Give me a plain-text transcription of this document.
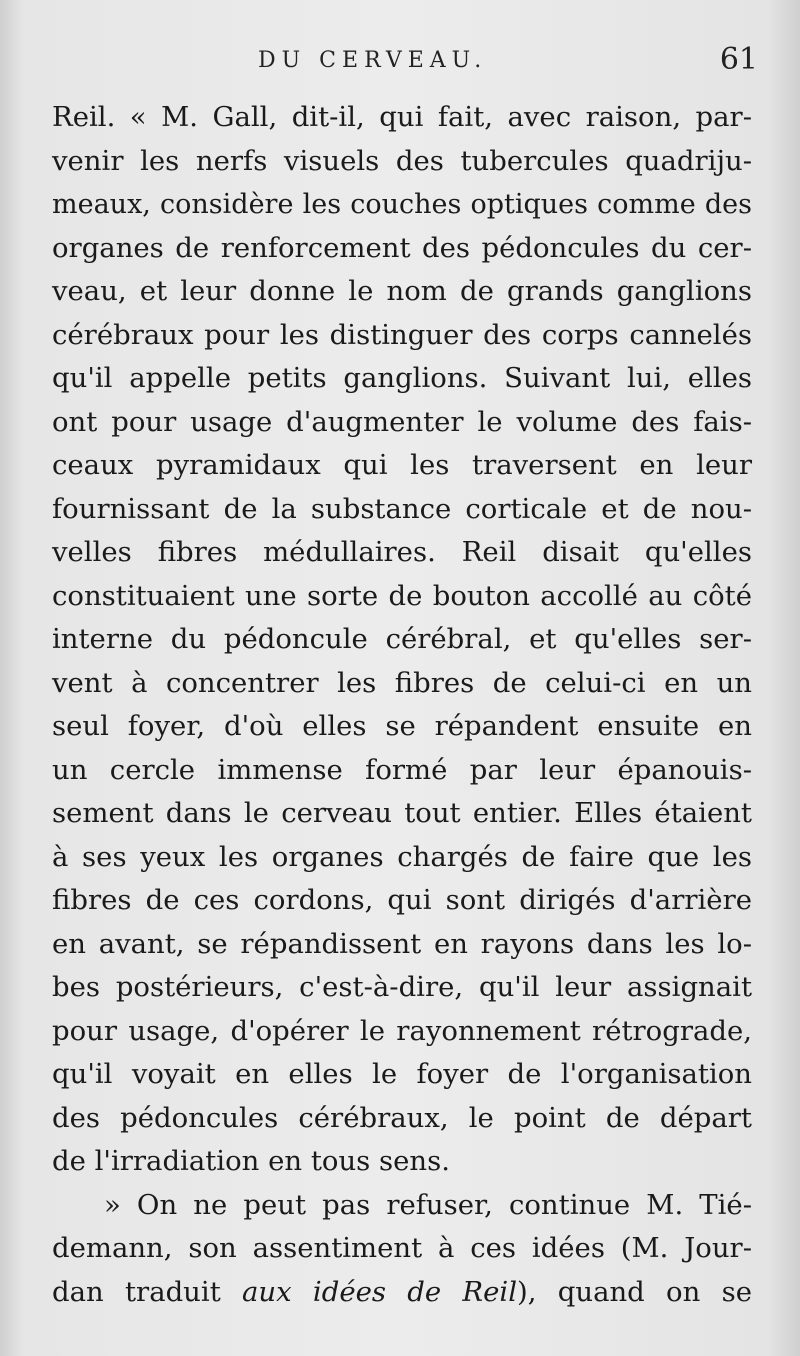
DU CERVEAU.	61
Reil. « M. Gall, dit-il, qui fait, avec raison, par-
venir les nerfs visuels des tubercules quadriju-
meaux, considère les couches optiques comme des
organes de renforcement des pédoncules du cer-
veau, et leur donne le nom de grands ganglions
cérébraux pour les distinguer des corps cannelés
qu'il appelle petits ganglions. Suivant lui, elles
ont pour usage d'augmenter le volume des fais-
ceaux pyramidaux qui les traversent en leur
fournissant de la substance corticale et de nou-
velles fibres médullaires. Reil disait qu'elles
constituaient une sorte de bouton accollé au côté
interne du pédoncule cérébral, et qu'elles ser-
vent à concentrer les fibres de celui-ci en un
seul foyer, d'où elles se répandent ensuite en
un cercle immense formé par leur épanouis-
sement dans le cerveau tout entier. Elles étaient
à ses yeux les organes chargés de faire que les
fibres de ces cordons, qui sont dirigés d'arrière
en avant, se répandissent en rayons dans les lo-
bes postérieurs, c'est-à-dire, qu'il leur assignait
pour usage, d'opérer le rayonnement rétrograde,
qu'il voyait en elles le foyer de l'organisation
des pédoncules cérébraux, le point de départ
de l'irradiation en tous sens.
» On ne peut pas refuser, continue M. Tié-
demann, son assentiment à ces idées (M. Jour-
dan traduit aux idées de Reil), quand on se
